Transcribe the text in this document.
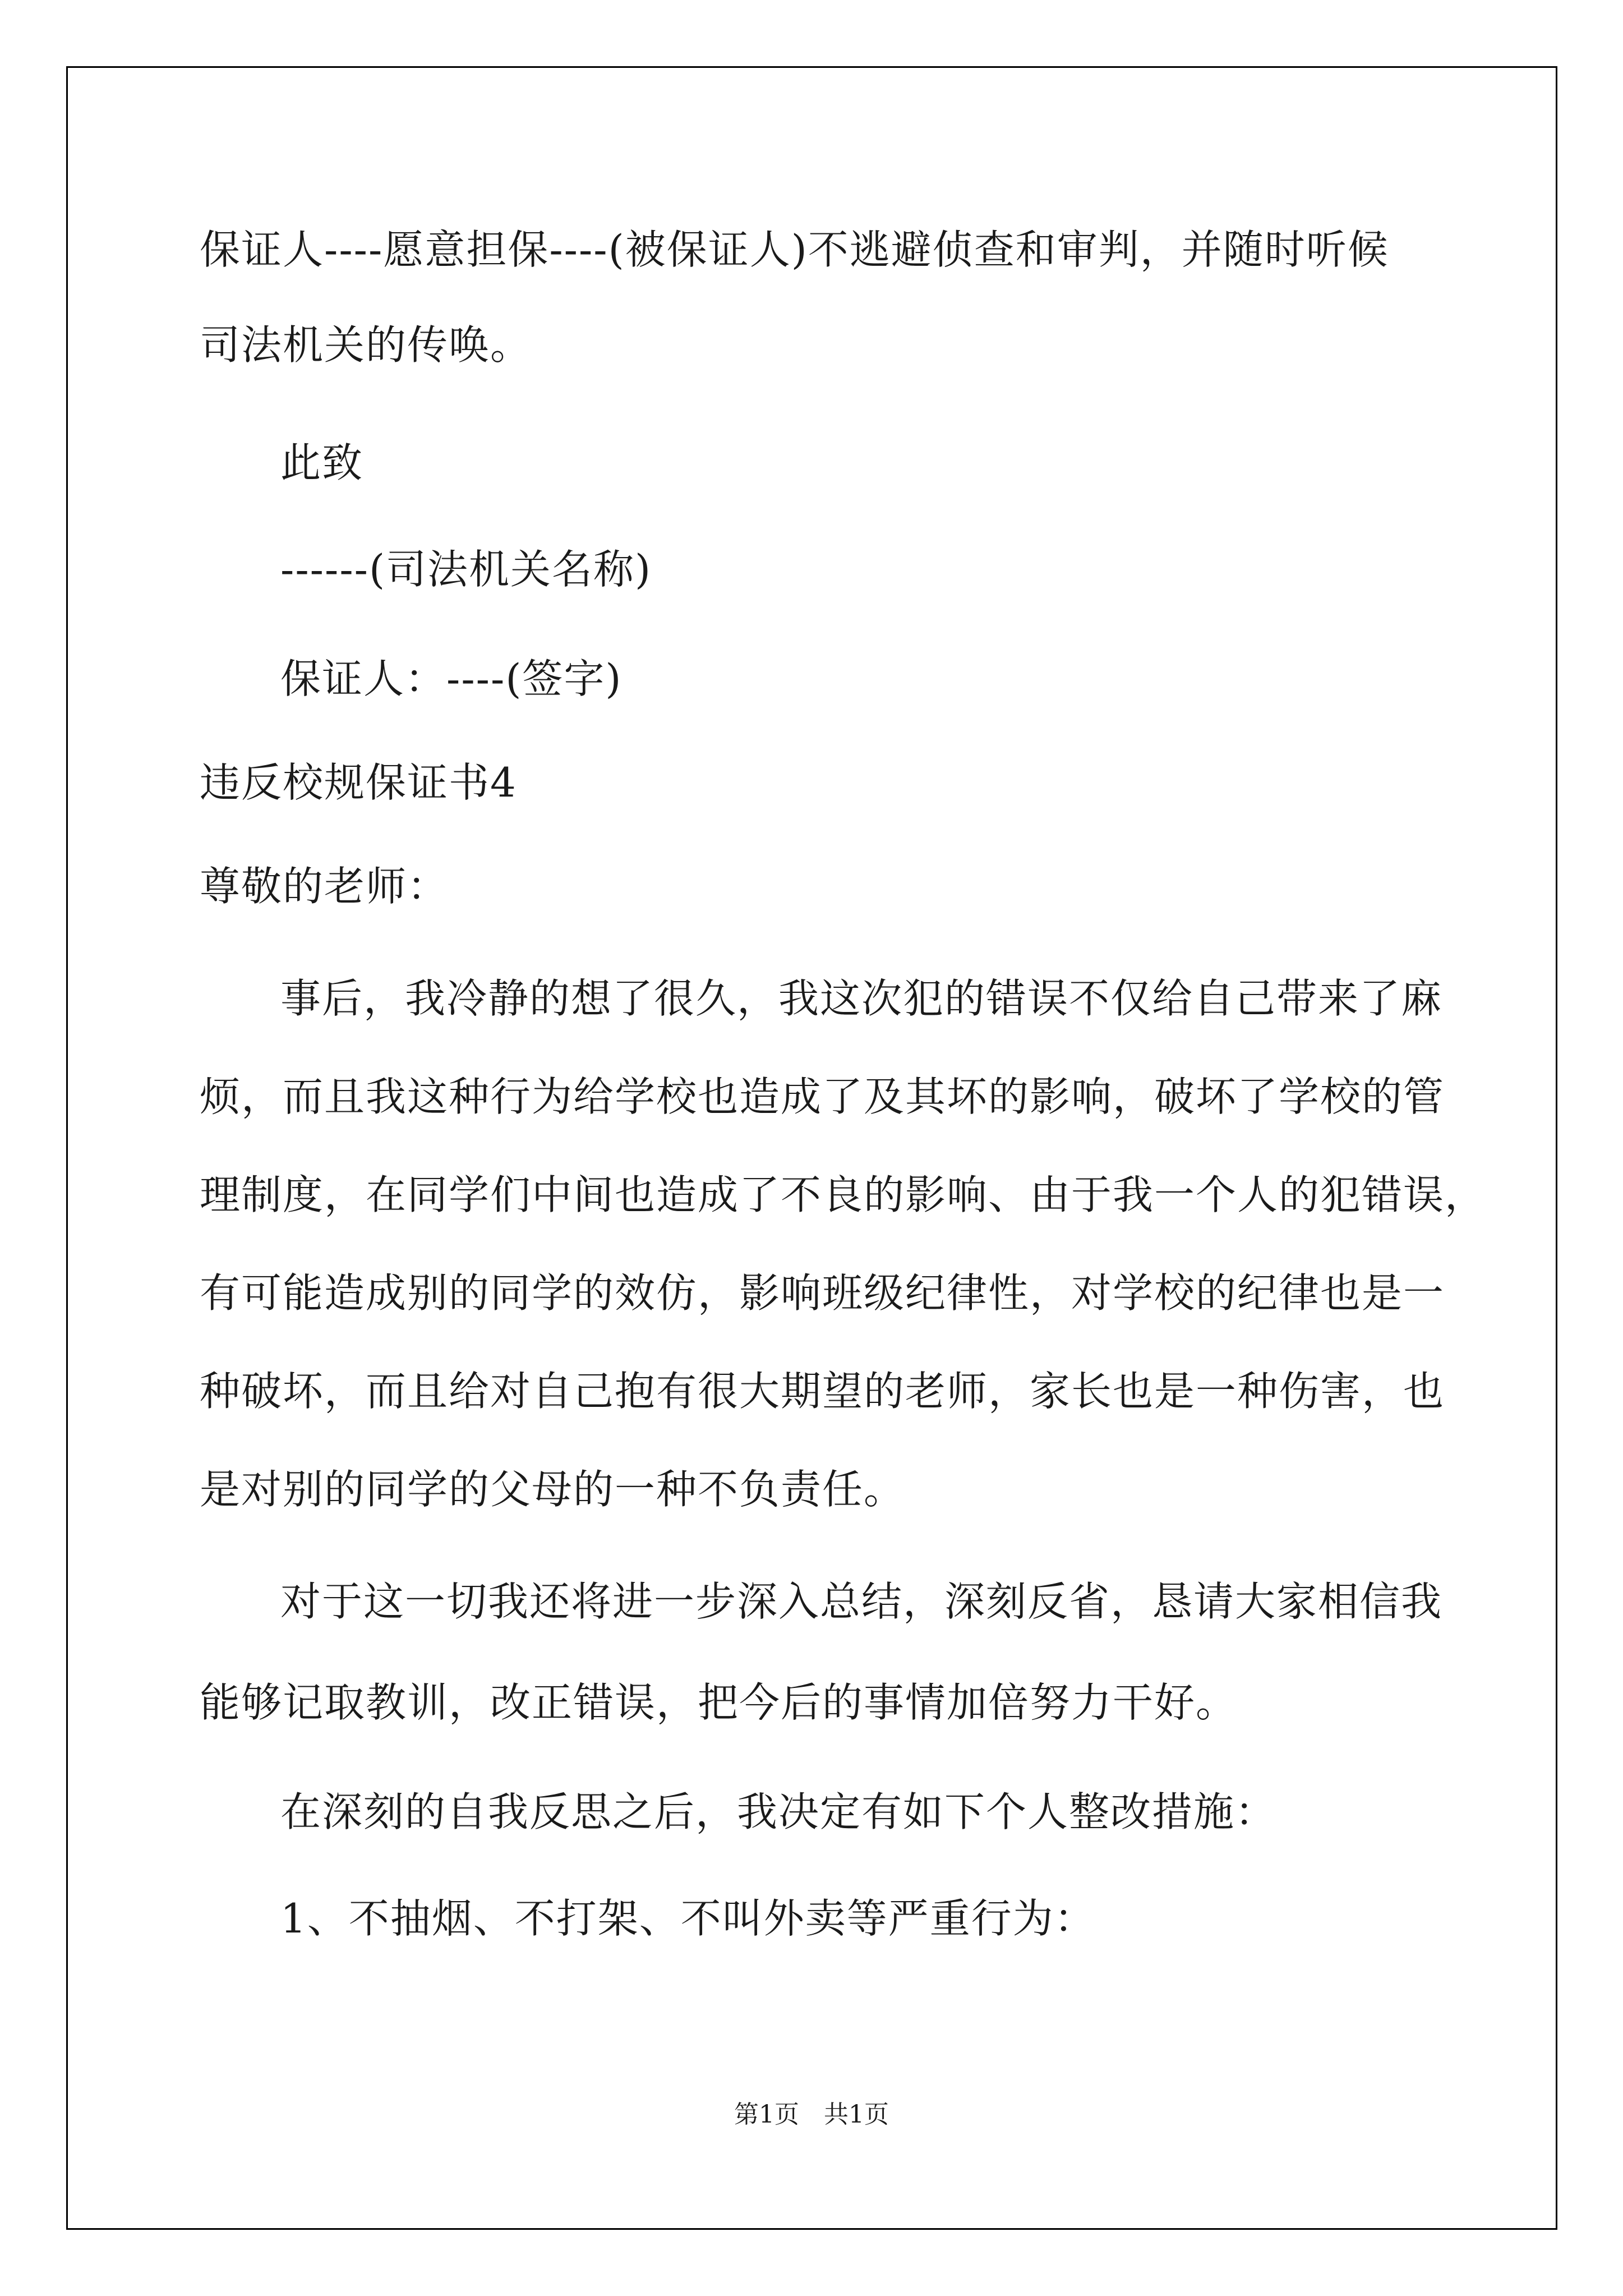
保证人----愿意担保----(被保证人)不逃避侦查和审判，并随时听候
司法机关的传唤。
此致
------(司法机关名称)
保证人：----(签字)
违反校规保证书4
尊敬的老师：
事后，我冷静的想了很久，我这次犯的错误不仅给自己带来了麻
烦，而且我这种行为给学校也造成了及其坏的影响，破坏了学校的管
理制度，在同学们中间也造成了不良的影响、由于我一个人的犯错误，
有可能造成别的同学的效仿，影响班级纪律性，对学校的纪律也是一
种破坏，而且给对自己抱有很大期望的老师，家长也是一种伤害，也
是对别的同学的父母的一种不负责任。
对于这一切我还将进一步深入总结，深刻反省，恳请大家相信我
能够记取教训，改正错误，把今后的事情加倍努力干好。
在深刻的自我反思之后，我决定有如下个人整改措施：
1、不抽烟、不打架、不叫外卖等严重行为：
第1页　共1页
